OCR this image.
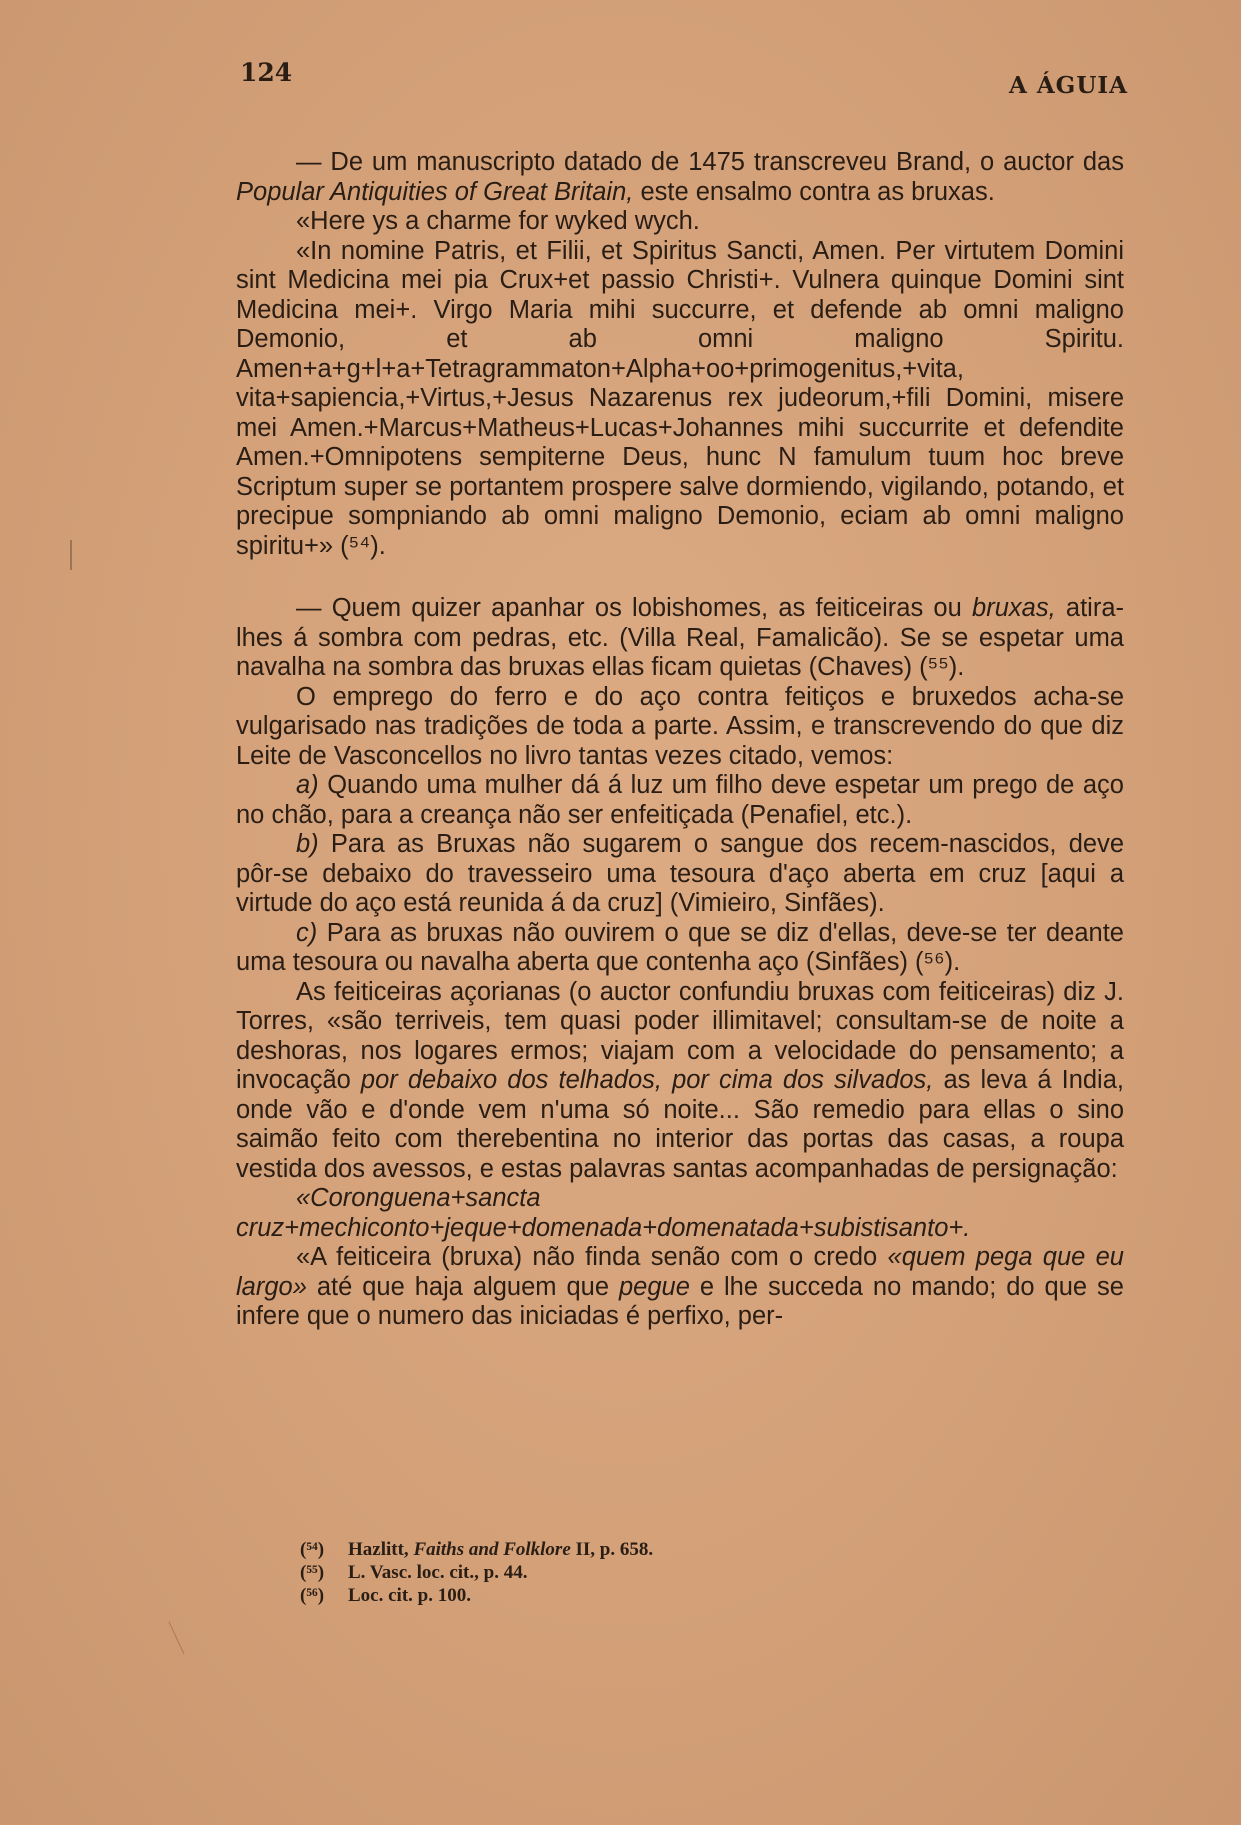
124	A ÁGUIA

— De um manuscripto datado de 1475 transcreveu Brand, o auctor das Popular Antiquities of Great Britain, este ensalmo contra as bruxas.

«Here ys a charme for wyked wych.

«In nomine Patris, et Filii, et Spiritus Sancti, Amen. Per virtutem Domini sint Medicina mei pia Crux+et passio Christi+. Vulnera quinque Domini sint Medicina mei+. Virgo Maria mihi succurre, et defende ab omni maligno Demonio, et ab omni maligno Spiritu. Amen+a+g+l+a+Tetragrammaton+Alpha+oo+primogenitus,+vita, vita+sapiencia,+Virtus,+Jesus Nazarenus rex judeorum,+fili Domini, misere mei Amen.+Marcus+Matheus+Lucas+Johannes mihi succurrite et defendite Amen.+Omnipotens sempiterne Deus, hunc N famulum tuum hoc breve Scriptum super se portantem prospere salve dormiendo, vigilando, potando, et precipue sompniando ab omni maligno Demonio, eciam ab omni maligno spiritu+» (⁵⁴).

— Quem quizer apanhar os lobishomes, as feiticeiras ou bruxas, atira-lhes á sombra com pedras, etc. (Villa Real, Famalicão). Se se espetar uma navalha na sombra das bruxas ellas ficam quietas (Chaves) (⁵⁵).

O emprego do ferro e do aço contra feitiços e bruxedos acha-se vulgarisado nas tradições de toda a parte. Assim, e transcrevendo do que diz Leite de Vasconcellos no livro tantas vezes citado, vemos:

a) Quando uma mulher dá á luz um filho deve espetar um prego de aço no chão, para a creança não ser enfeitiçada (Penafiel, etc.).

b) Para as Bruxas não sugarem o sangue dos recem-nascidos, deve pôr-se debaixo do travesseiro uma tesoura d'aço aberta em cruz [aqui a virtude do aço está reunida á da cruz] (Vimieiro, Sinfães).

c) Para as bruxas não ouvirem o que se diz d'ellas, deve-se ter deante uma tesoura ou navalha aberta que contenha aço (Sinfães) (⁵⁶).

As feiticeiras açorianas (o auctor confundiu bruxas com feiticeiras) diz J. Torres, «são terriveis, tem quasi poder illimitavel; consultam-se de noite a deshoras, nos logares ermos; viajam com a velocidade do pensamento; a invocação por debaixo dos telhados, por cima dos silvados, as leva á India, onde vão e d'onde vem n'uma só noite... São remedio para ellas o sino saimão feito com therebentina no interior das portas das casas, a roupa vestida dos avessos, e estas palavras santas acompanhadas de persignação:

«Coronguena+sancta cruz+mechiconto+jeque+domenada+domenatada+subistisanto+.

«A feiticeira (bruxa) não finda senão com o credo «quem pega que eu largo» até que haja alguem que pegue e lhe succeda no mando; do que se infere que o numero das iniciadas é perfixo, per-

(⁵⁴)	Hazlitt, Faiths and Folklore II, p. 658.
(⁵⁵)	L. Vasc. loc. cit., p. 44.
(⁵⁶)	Loc. cit. p. 100.
